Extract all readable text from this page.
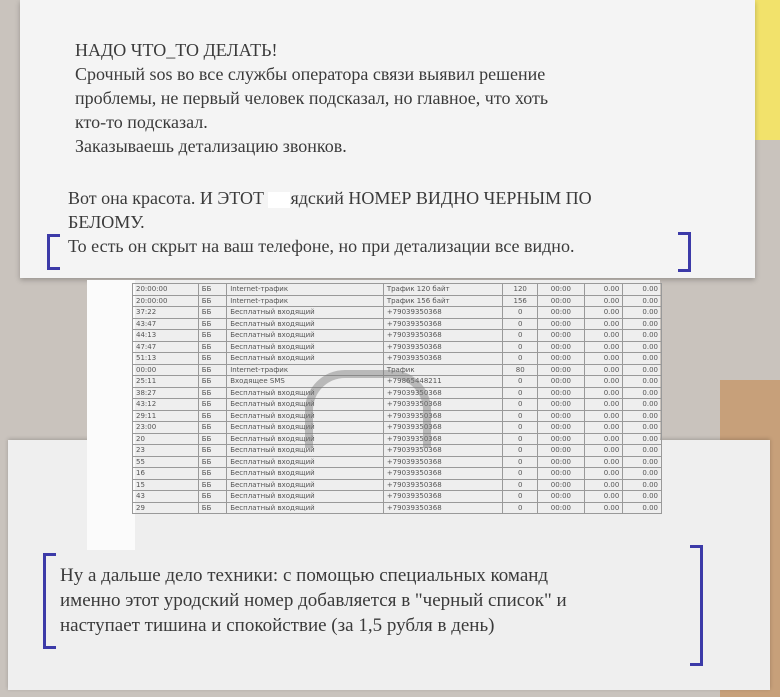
НАДО ЧТО_ТО ДЕЛАТЬ!
Срочный sos во все службы оператора связи выявил решение
проблемы, не первый человек подсказал, но главное, что хоть
кто-то подсказал.
Заказываешь детализацию звонков.
Вот она красота. И ЭТОТ ядский НОМЕР ВИДНО ЧЕРНЫМ ПО
БЕЛОМУ.
То есть он скрыт на ваш телефоне, но при детализации все видно.
20:00:00	ББ	Internet-трафик	Трафик 120 байт	120	00:00	0.00	0.00
20:00:00	ББ	Internet-трафик	Трафик 156 байт	156	00:00	0.00	0.00
37:22	ББ	Бесплатный входящий	+79039350368	0	00:00	0.00	0.00
43:47	ББ	Бесплатный входящий	+79039350368	0	00:00	0.00	0.00
44:13	ББ	Бесплатный входящий	+79039350368	0	00:00	0.00	0.00
47:47	ББ	Бесплатный входящий	+79039350368	0	00:00	0.00	0.00
51:13	ББ	Бесплатный входящий	+79039350368	0	00:00	0.00	0.00
00:00	ББ	Internet-трафик	Трафик	80	00:00	0.00	0.00
25:11	ББ	Входящее SMS	+79865448211	0	00:00	0.00	0.00
38:27	ББ	Бесплатный входящий	+79039350368	0	00:00	0.00	0.00
43:12	ББ	Бесплатный входящий	+79039350368	0	00:00	0.00	0.00
29:11	ББ	Бесплатный входящий	+79039350368	0	00:00	0.00	0.00
23:00	ББ	Бесплатный входящий	+79039350368	0	00:00	0.00	0.00
20	ББ	Бесплатный входящий	+79039350368	0	00:00	0.00	0.00
23	ББ	Бесплатный входящий	+79039350368	0	00:00	0.00	0.00
55	ББ	Бесплатный входящий	+79039350368	0	00:00	0.00	0.00
16	ББ	Бесплатный входящий	+79039350368	0	00:00	0.00	0.00
15	ББ	Бесплатный входящий	+79039350368	0	00:00	0.00	0.00
43	ББ	Бесплатный входящий	+79039350368	0	00:00	0.00	0.00
29	ББ	Бесплатный входящий	+79039350368	0	00:00	0.00	0.00
Ну а дальше дело техники: с помощью специальных команд
именно этот уродский номер добавляется в "черный список" и
наступает тишина и спокойствие (за 1,5 рубля в день)
